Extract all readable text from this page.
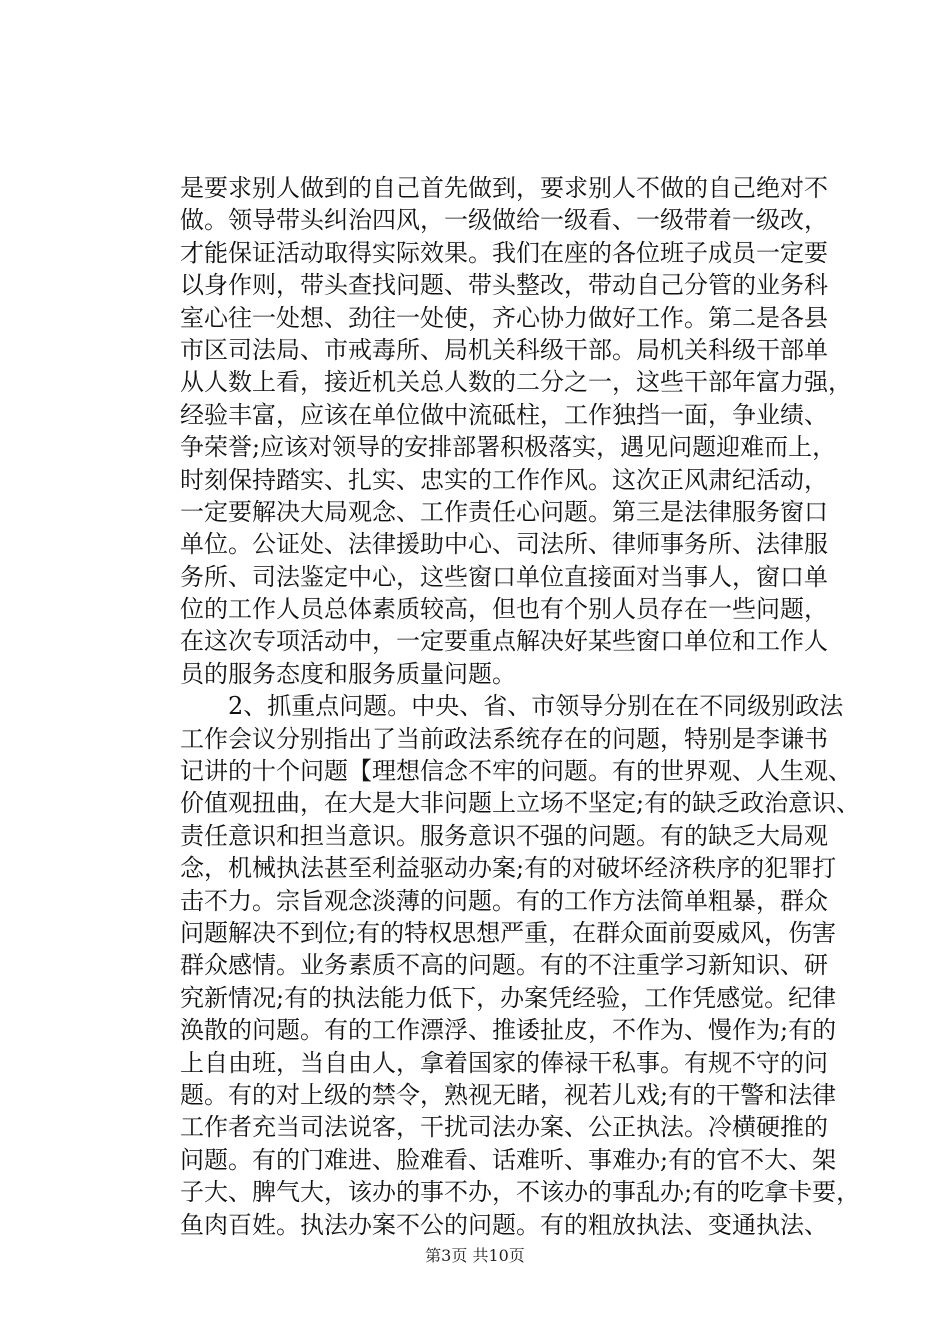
是要求别人做到的自己首先做到，要求别人不做的自己绝对不
做。领导带头纠治四风，一级做给一级看、一级带着一级改，
才能保证活动取得实际效果。我们在座的各位班子成员一定要
以身作则，带头查找问题、带头整改，带动自己分管的业务科
室心往一处想、劲往一处使，齐心协力做好工作。第二是各县
市区司法局、市戒毒所、局机关科级干部。局机关科级干部单
从人数上看，接近机关总人数的二分之一，这些干部年富力强，
经验丰富，应该在单位做中流砥柱，工作独挡一面，争业绩、
争荣誉;应该对领导的安排部署积极落实，遇见问题迎难而上，
时刻保持踏实、扎实、忠实的工作作风。这次正风肃纪活动，
一定要解决大局观念、工作责任心问题。第三是法律服务窗口
单位。公证处、法律援助中心、司法所、律师事务所、法律服
务所、司法鉴定中心，这些窗口单位直接面对当事人，窗口单
位的工作人员总体素质较高，但也有个别人员存在一些问题，
在这次专项活动中，一定要重点解决好某些窗口单位和工作人
员的服务态度和服务质量问题。
　　2、抓重点问题。中央、省、市领导分别在在不同级别政法
工作会议分别指出了当前政法系统存在的问题，特别是李谦书
记讲的十个问题【理想信念不牢的问题。有的世界观、人生观、
价值观扭曲，在大是大非问题上立场不坚定;有的缺乏政治意识、
责任意识和担当意识。服务意识不强的问题。有的缺乏大局观
念，机械执法甚至利益驱动办案;有的对破坏经济秩序的犯罪打
击不力。宗旨观念淡薄的问题。有的工作方法简单粗暴，群众
问题解决不到位;有的特权思想严重，在群众面前耍威风，伤害
群众感情。业务素质不高的问题。有的不注重学习新知识、研
究新情况;有的执法能力低下，办案凭经验，工作凭感觉。纪律
涣散的问题。有的工作漂浮、推诿扯皮，不作为、慢作为;有的
上自由班，当自由人，拿着国家的俸禄干私事。有规不守的问
题。有的对上级的禁令，熟视无睹，视若儿戏;有的干警和法律
工作者充当司法说客，干扰司法办案、公正执法。冷横硬推的
问题。有的门难进、脸难看、话难听、事难办;有的官不大、架
子大、脾气大，该办的事不办，不该办的事乱办;有的吃拿卡要，
鱼肉百姓。执法办案不公的问题。有的粗放执法、变通执法、
第3页 共10页
